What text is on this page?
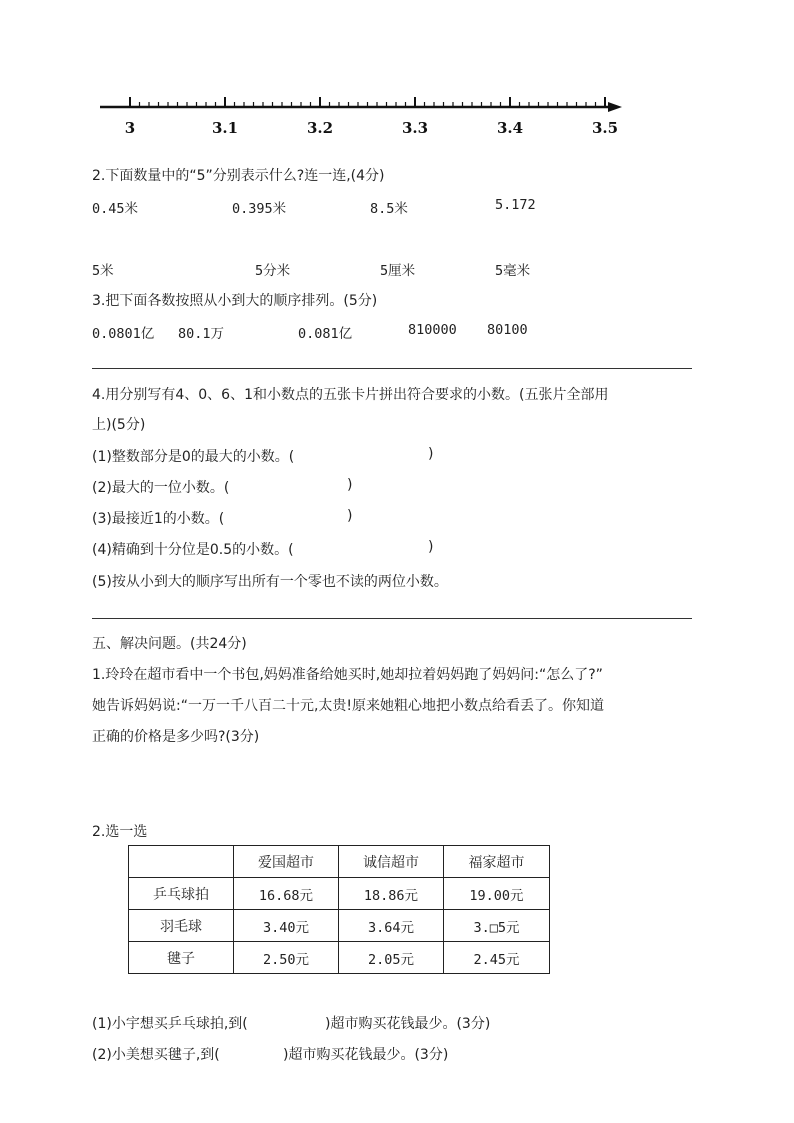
3	3.1	3.2	3.3	3.4	3.5
2.下面数量中的“5”分别表示什么?连一连,(4分)
0.45米	0.395米	8.5米	5.172
5米	5分米	5厘米	5毫米
3.把下面各数按照从小到大的顺序排列。(5分)
0.0801亿 80.1万	0.081亿	810000 80100
4.用分别写有4、0、6、1和小数点的五张卡片拼出符合要求的小数。(五张片全部用
上)(5分)
(1)整数部分是0的最大的小数。(	)
(2)最大的一位小数。(	)
(3)最接近1的小数。(	)
(4)精确到十分位是0.5的小数。(	)
(5)按从小到大的顺序写出所有一个零也不读的两位小数。
五、解决问题。(共24分)
1.玲玲在超市看中一个书包,妈妈准备给她买时,她却拉着妈妈跑了妈妈问:“怎么了?”
她告诉妈妈说:“一万一千八百二十元,太贵!原来她粗心地把小数点给看丢了。你知道
正确的价格是多少吗?(3分)
2.选一选
	爱国超市	诚信超市	福家超市
乒乓球拍	16.68元	18.86元	19.00元
羽毛球	3.40元	3.64元	3.□5元
毽子	2.50元	2.05元	2.45元
(1)小宇想买乒乓球拍,到(	)超市购买花钱最少。(3分)
(2)小美想买毽子,到(	)超市购买花钱最少。(3分)
